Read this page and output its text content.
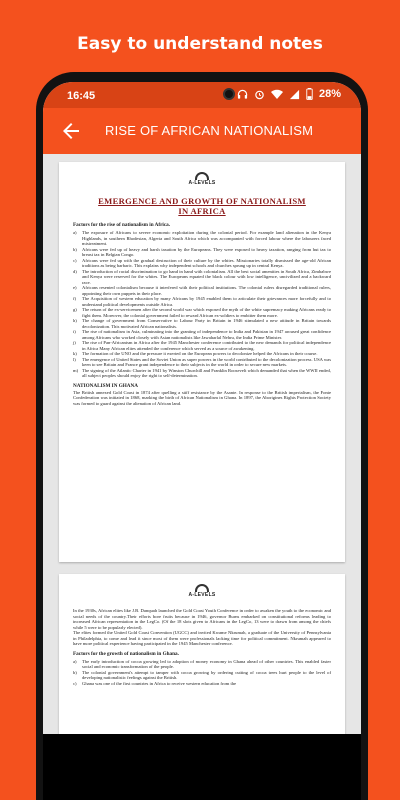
Easy to understand notes
16:45	28%
RISE OF AFRICAN NATIONALISM
A-LEVELS
EMERGENCE AND GROWTH OF NATIONALISM
IN AFRICA
Factors for the rise of nationalism in Africa.
a)	The exposure of Africans to severe economic exploitation during the colonial period. For example land alienation in the Kenya Highlands, in southern Rhodesian, Algeria and South Africa which was accompanied with forced labour where the labourers faced mistreatment.
b)	Africans were fed up of heavy and harsh taxation by the Europeans. They were exposed to heavy taxation, ranging from hut tax to breast tax in Belgian Congo.
c)	Africans were fed up with the gradual destruction of their culture by the whites. Missionaries totally dismissed the age-old African traditions as being barbaric. This explains why independent schools and churches sprung up in central Kenya.
d)	The introduction of racial discrimination to go hand in hand with colonialism. All the best social amenities in South Africa, Zimbabwe and Kenya were reserved for the whites. The Europeans equated the black colour with low intelligence, uncivilized and a backward race.
e)	Africans resented colonialism because it interfered with their political institutions. The colonial rulers disregarded traditional rulers, appointing their own puppets in their place.
f)	The Acquisition of western education by many Africans by 1945 enabled them to articulate their grievances more forcefully and to understand political developments outside Africa.
g)	The return of the ex-servicemen after the second world war which exposed the myth of the white supremacy making Africans ready to fight them. Moreover, the colonial government failed to reward African ex-soldiers to embitter them more.
h)	The change of government from Conservative to Labour Party in Britain in 1946 stimulated a new attitude in Britain towards decolonization. This motivated African nationalists.
i)	The rise of nationalism in Asia, culminating into the granting of independence to India and Pakistan in 1947 aroused great confidence among Africans who worked closely with Asian nationalists like Jawaharlal Nehru, the India Prime Minister.
j)	The rise of Pan-Africanism in Africa after the 1945 Manchester conference contributed to the new demands for political independence in Africa Many African elites attended the conference which served as a source of awakening.
k)	The formation of the UNO and the pressure it exerted on the European powers to decolonize helped the Africans in their course.
l)	The emergence of United States and the Soviet Union as super powers in the world contributed to the decolonization process. USA was keen to see Britain and France grant independence to their subjects in the world in order to secure new markets.
m) The signing of the Atlantic Charter in 1941 by Winston Churchill and Franklin Roosevelt which demanded that when the WWII ended, all subject peoples should enjoy the right to self-determination.
NATIONALISM IN GHANA

The British annexed Gold Coast in 1874 after quelling a stiff resistance by the Asante. In response to the British imperialism, the Fonte Confederation was initiated in 1868, marking the birth of African Nationalism in Ghana. In 1897, the Aborigines Rights Protection Society was formed to guard against the alienation of African land.

A-LEVELS

In the 1930s, African elites like J.B. Danquah launched the Gold Coast Youth Conference in order to awaken the youth to the economic and social needs of the country.Their efforts bore fruits because in 1946, governor Burns embarked on constitutional reforms leading to increased African representation in the LegCo. (Of the 18 slots given to Africans in the LegCo, 13 were to drawn from among the chiefs while 5 were to be popularly elected).

The elites formed the United Gold Coast Convention (UGCC) and invited Kwame Nkrumah, a graduate of the University of Pennsylvania in Philadelphia, to come and lead it since most of them were professionals lacking time for political commitment. Nkrumah appeared to have more political experience having participated in the 1945 Manchester conference.

Factors for the growth of nationalism in Ghana.
a)	The early introduction of cocoa growing led to adoption of money economy in Ghana ahead of other countries. This enabled faster social and economic transformation of the people.
b)	The colonial government's attempt to tamper with cocoa growing by ordering cutting of cocoa trees hurt people to the level of developing nationalistic feelings against the British.
c)	Ghana was one of the first countries in Africa to receive western education from the
